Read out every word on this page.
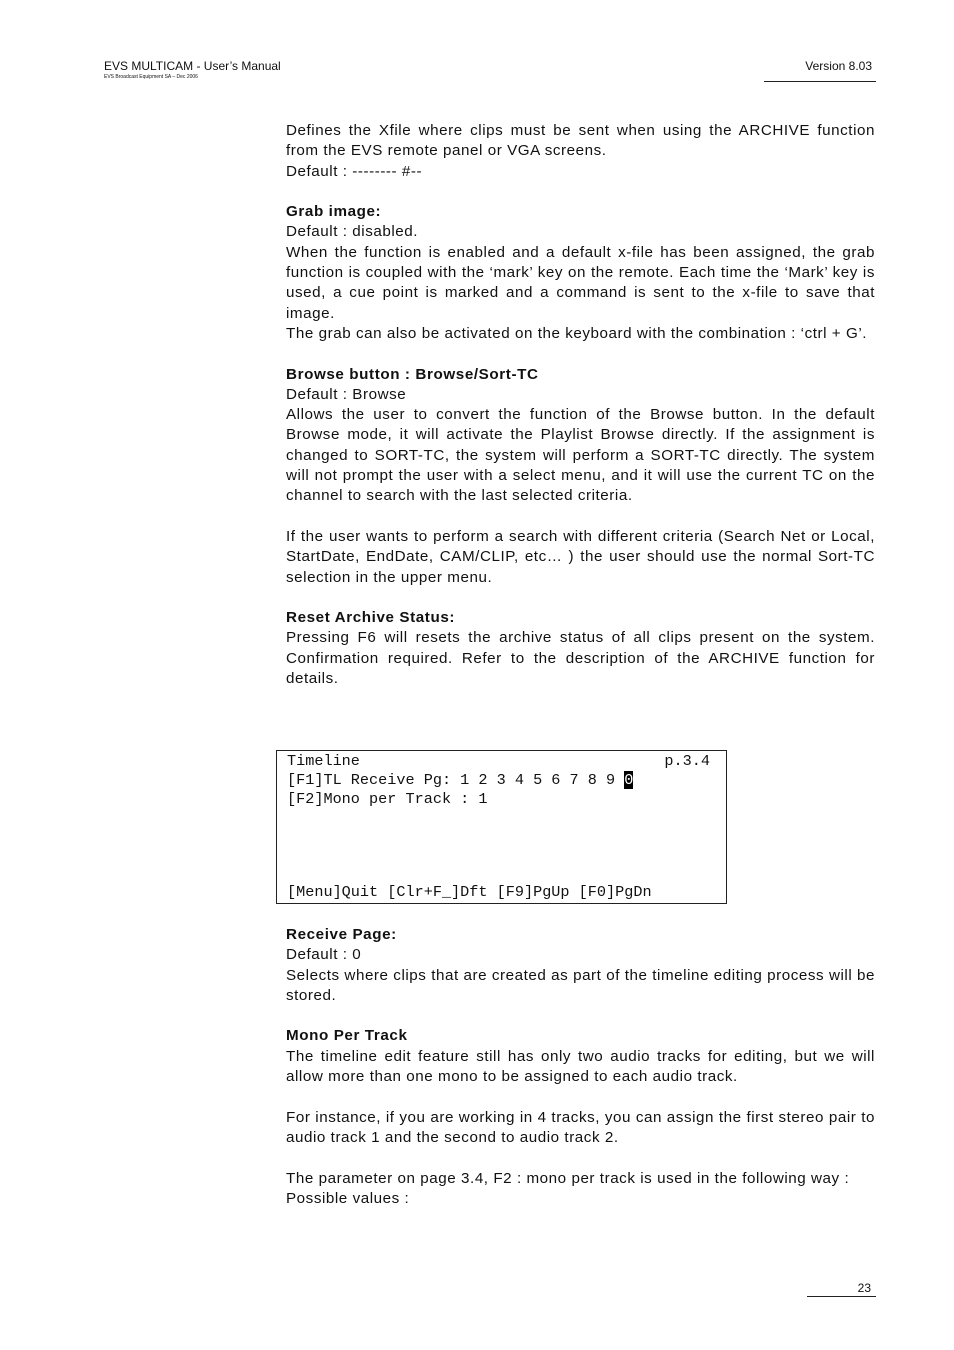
EVS MULTICAM - User’s Manual
EVS Broadcast Equipment SA – Dec 2006
Version 8.03

Defines the Xfile where clips must be sent when using the ARCHIVE function from the EVS remote panel or VGA screens.

Default : -------- #--

Grab image:

Default : disabled.

When the function is enabled and a default x-file has been assigned, the grab function is coupled with the ‘mark’ key on the remote. Each time the ‘Mark’ key is used, a cue point is marked and a command is sent to the x-file to save that image.

The grab can also be activated on the keyboard with the combination : ‘ctrl + G’.

Browse button : Browse/Sort-TC

Default : Browse

Allows the user to convert the function of the Browse button. In the default Browse mode, it will activate the Playlist Browse directly. If the assignment is changed to SORT-TC, the system will perform a SORT-TC directly. The system will not prompt the user with a select menu, and it will use the current TC on the channel to search with the last selected criteria.

If the user wants to perform a search with different criteria (Search Net or Local, StartDate, EndDate, CAM/CLIP, etc… ) the user should use the normal Sort-TC selection in the upper menu.

Reset Archive Status:

Pressing F6 will resets the archive status of all clips present on the system. Confirmation required. Refer to the description of the ARCHIVE function for details.

Timeline	p.3.4
[F1]TL Receive Pg: 1 2 3 4 5 6 7 8 9 0
[F2]Mono per Track : 1
[Menu]Quit [Clr+F_]Dft [F9]PgUp [F0]PgDn

Receive Page:

Default : 0

Selects where clips that are created as part of the timeline editing process will be stored.

Mono Per Track

The timeline edit feature still has only two audio tracks for editing, but we will allow more than one mono to be assigned to each audio track.

For instance, if you are working in 4 tracks, you can assign the first stereo pair to audio track 1 and the second to audio track 2.

The parameter on page 3.4, F2 : mono per track is used in the following way :

Possible values :

23
